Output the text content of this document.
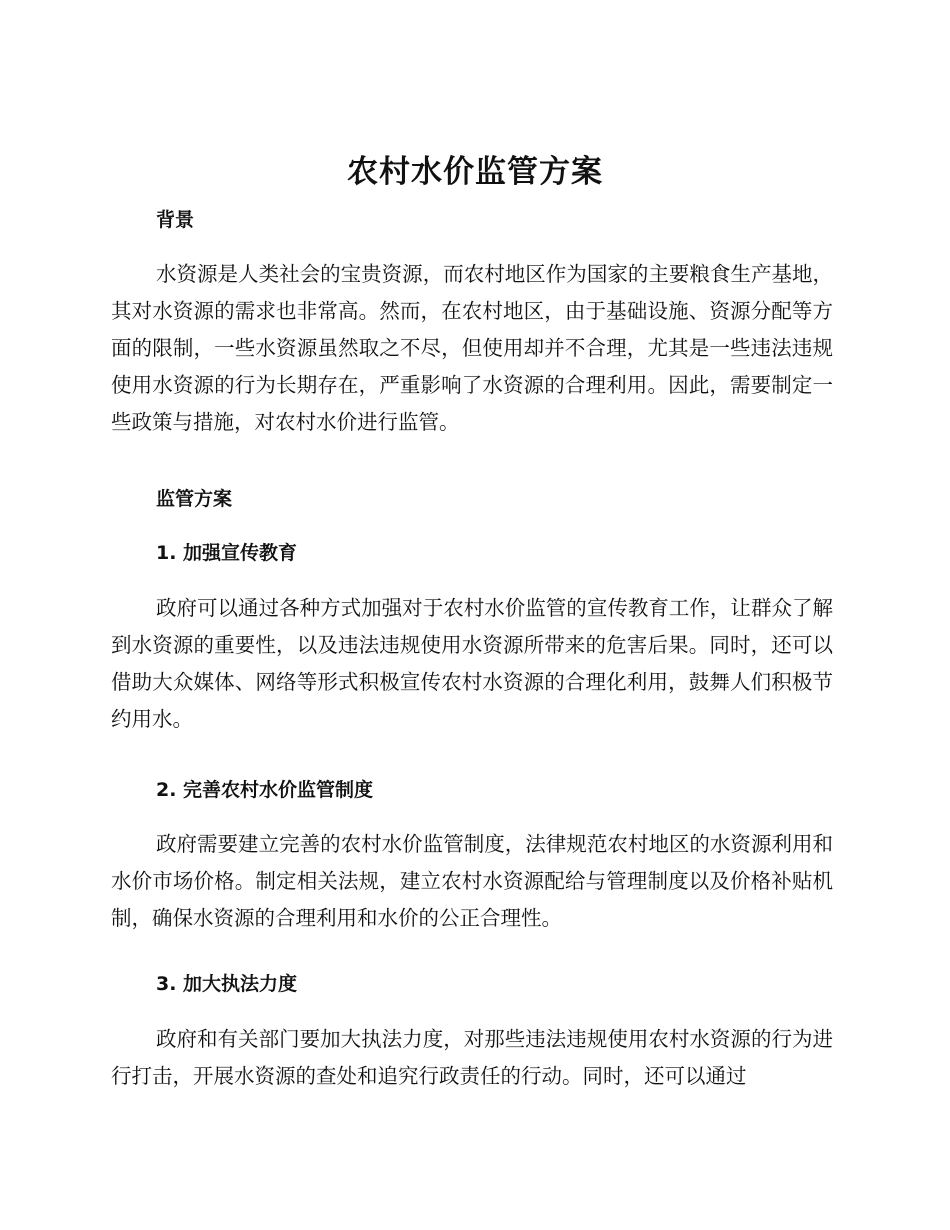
农村水价监管方案
背景

水资源是人类社会的宝贵资源，而农村地区作为国家的主要粮食生产基地，其对水资源的需求也非常高。然而，在农村地区，由于基础设施、资源分配等方面的限制，一些水资源虽然取之不尽，但使用却并不合理，尤其是一些违法违规使用水资源的行为长期存在，严重影响了水资源的合理利用。因此，需要制定一些政策与措施，对农村水价进行监管。

监管方案
1. 加强宣传教育

政府可以通过各种方式加强对于农村水价监管的宣传教育工作，让群众了解到水资源的重要性，以及违法违规使用水资源所带来的危害后果。同时，还可以借助大众媒体、网络等形式积极宣传农村水资源的合理化利用，鼓舞人们积极节约用水。

2. 完善农村水价监管制度

政府需要建立完善的农村水价监管制度，法律规范农村地区的水资源利用和水价市场价格。制定相关法规，建立农村水资源配给与管理制度以及价格补贴机制，确保水资源的合理利用和水价的公正合理性。

3. 加大执法力度

政府和有关部门要加大执法力度，对那些违法违规使用农村水资源的行为进行打击，开展水资源的查处和追究行政责任的行动。同时，还可以通过
